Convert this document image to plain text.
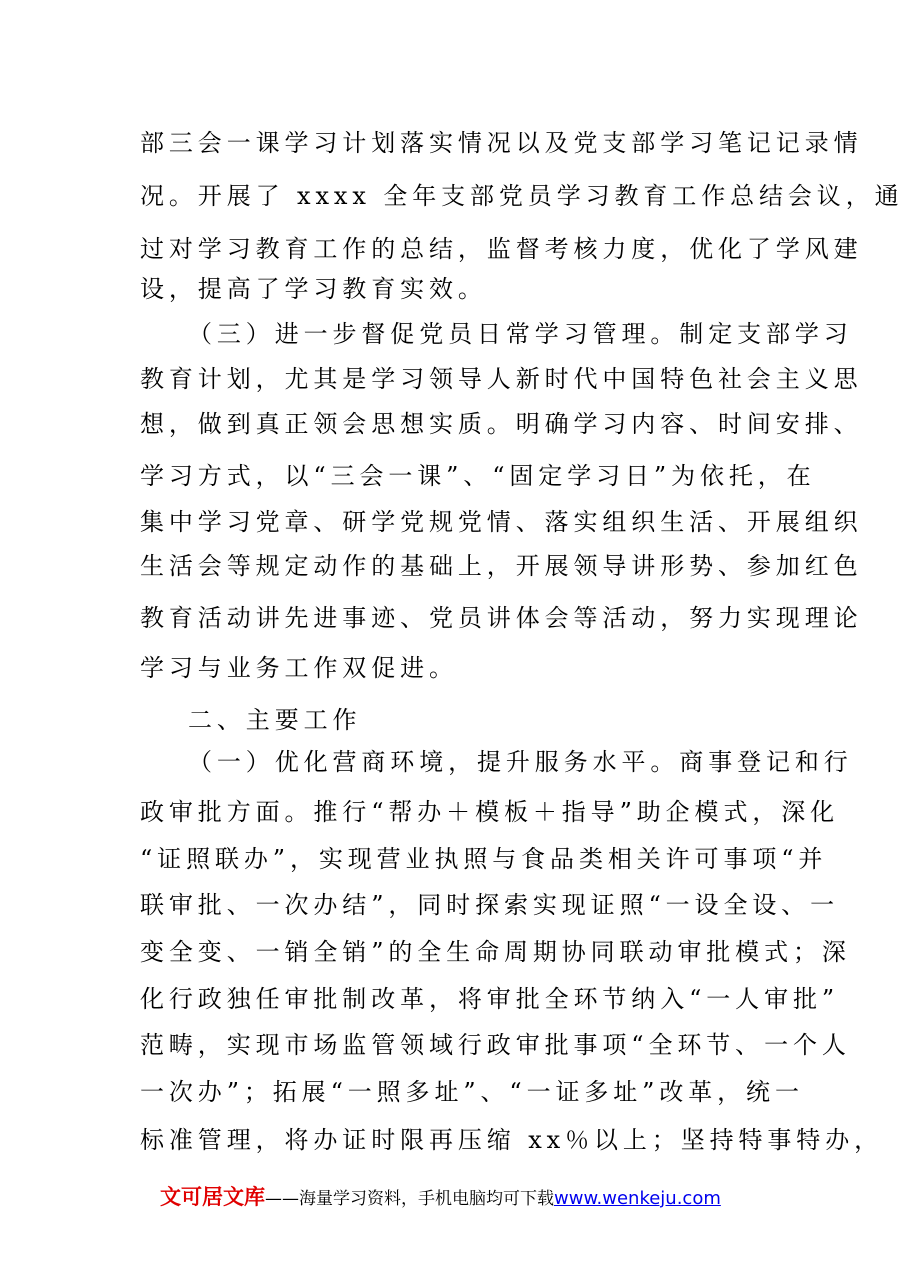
部三会一课学习计划落实情况以及党支部学习笔记记录情
况。开展了 xxxx 全年支部党员学习教育工作总结会议，通
过对学习教育工作的总结，监督考核力度，优化了学风建
设，提高了学习教育实效。
（三）进一步督促党员日常学习管理。制定支部学习
教育计划，尤其是学习领导人新时代中国特色社会主义思
想，做到真正领会思想实质。明确学习内容、时间安排、
学习方式，以“三会一课”、“固定学习日”为依托，在
集中学习党章、研学党规党情、落实组织生活、开展组织
生活会等规定动作的基础上，开展领导讲形势、参加红色
教育活动讲先进事迹、党员讲体会等活动，努力实现理论
学习与业务工作双促进。
二、主要工作
（一）优化营商环境，提升服务水平。商事登记和行
政审批方面。推行“帮办＋模板＋指导”助企模式，深化
“证照联办”，实现营业执照与食品类相关许可事项“并
联审批、一次办结”，同时探索实现证照“一设全设、一
变全变、一销全销”的全生命周期协同联动审批模式；深
化行政独任审批制改革，将审批全环节纳入“一人审批”
范畴，实现市场监管领域行政审批事项“全环节、一个人
一次办”；拓展“一照多址”、“一证多址”改革，统一
标准管理，将办证时限再压缩 xx％以上；坚持特事特办，
文可居文库——海量学习资料，手机电脑均可下载www.wenkeju.com
